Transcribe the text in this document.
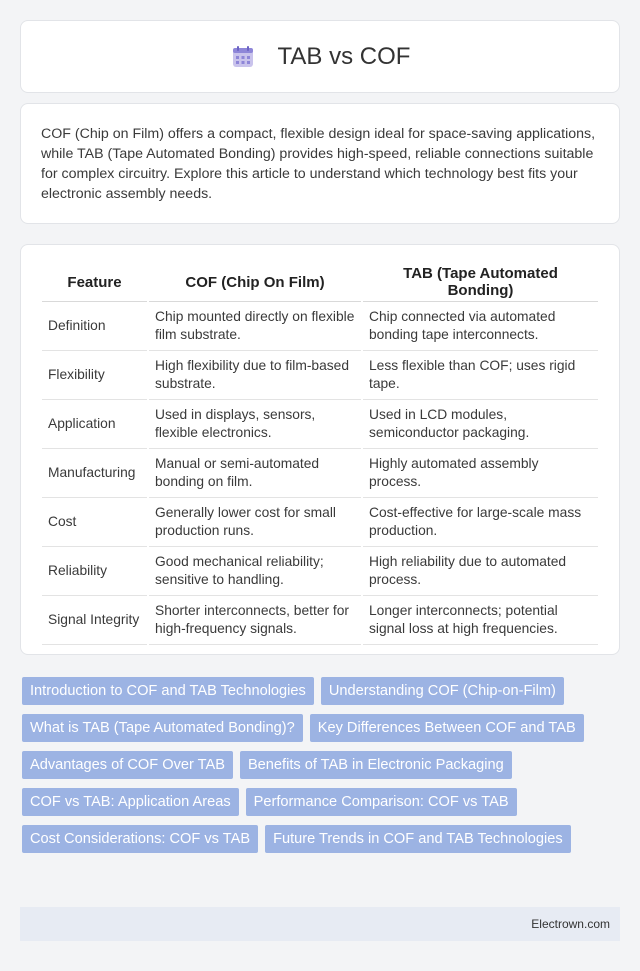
TAB vs COF

COF (Chip on Film) offers a compact, flexible design ideal for space-saving applications, while TAB (Tape Automated Bonding) provides high-speed, reliable connections suitable for complex circuitry. Explore this article to understand which technology best fits your electronic assembly needs.

Feature	COF (Chip On Film)	TAB (Tape Automated Bonding)
Definition	Chip mounted directly on flexible film substrate.	Chip connected via automated bonding tape interconnects.
Flexibility	High flexibility due to film-based substrate.	Less flexible than COF; uses rigid tape.
Application	Used in displays, sensors, flexible electronics.	Used in LCD modules, semiconductor packaging.
Manufacturing	Manual or semi-automated bonding on film.	Highly automated assembly process.
Cost	Generally lower cost for small production runs.	Cost-effective for large-scale mass production.
Reliability	Good mechanical reliability; sensitive to handling.	High reliability due to automated process.
Signal Integrity	Shorter interconnects, better for high-frequency signals.	Longer interconnects; potential signal loss at high frequencies.
Introduction to COF and TAB Technologies	Understanding COF (Chip-on-Film)
What is TAB (Tape Automated Bonding)?	Key Differences Between COF and TAB
Advantages of COF Over TAB	Benefits of TAB in Electronic Packaging
COF vs TAB: Application Areas	Performance Comparison: COF vs TAB
Cost Considerations: COF vs TAB	Future Trends in COF and TAB Technologies
Electrown.com
